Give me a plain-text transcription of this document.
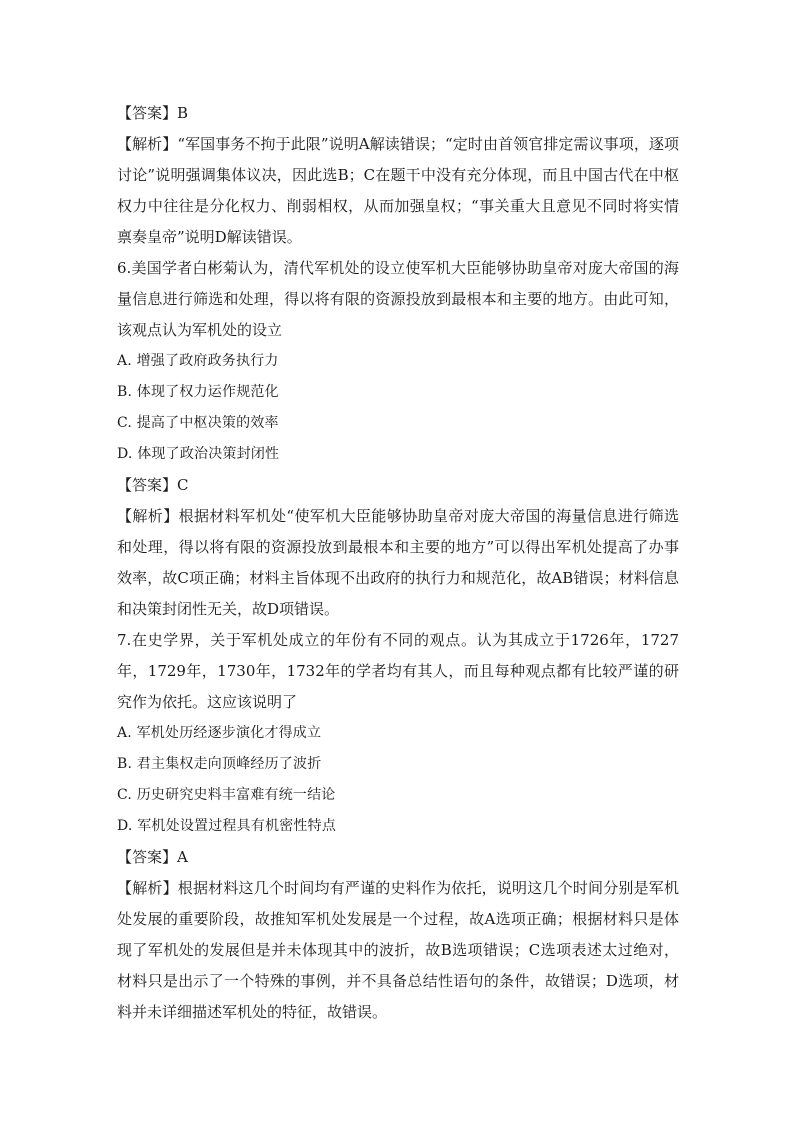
【答案】B

【解析】“军国事务不拘于此限”说明A解读错误；“定时由首领官排定需议事项，逐项讨论”说明强调集体议决，因此选B；C在题干中没有充分体现，而且中国古代在中枢权力中往往是分化权力、削弱相权，从而加强皇权；“事关重大且意见不同时将实情禀奏皇帝”说明D解读错误。

6.美国学者白彬菊认为，清代军机处的设立使军机大臣能够协助皇帝对庞大帝国的海量信息进行筛选和处理，得以将有限的资源投放到最根本和主要的地方。由此可知，该观点认为军机处的设立

A. 增强了政府政务执行力

B. 体现了权力运作规范化

C. 提高了中枢决策的效率

D. 体现了政治决策封闭性

【答案】C

【解析】根据材料军机处“使军机大臣能够协助皇帝对庞大帝国的海量信息进行筛选和处理，得以将有限的资源投放到最根本和主要的地方”可以得出军机处提高了办事效率，故C项正确；材料主旨体现不出政府的执行力和规范化，故AB错误；材料信息和决策封闭性无关，故D项错误。

7.在史学界，关于军机处成立的年份有不同的观点。认为其成立于1726年，1727年，1729年，1730年，1732年的学者均有其人，而且每种观点都有比较严谨的研究作为依托。这应该说明了

A. 军机处历经逐步演化才得成立

B. 君主集权走向顶峰经历了波折

C. 历史研究史料丰富难有统一结论

D. 军机处设置过程具有机密性特点

【答案】A

【解析】根据材料这几个时间均有严谨的史料作为依托，说明这几个时间分别是军机处发展的重要阶段，故推知军机处发展是一个过程，故A选项正确；根据材料只是体现了军机处的发展但是并未体现其中的波折，故B选项错误；C选项表述太过绝对，材料只是出示了一个特殊的事例，并不具备总结性语句的条件，故错误；D选项，材料并未详细描述军机处的特征，故错误。
